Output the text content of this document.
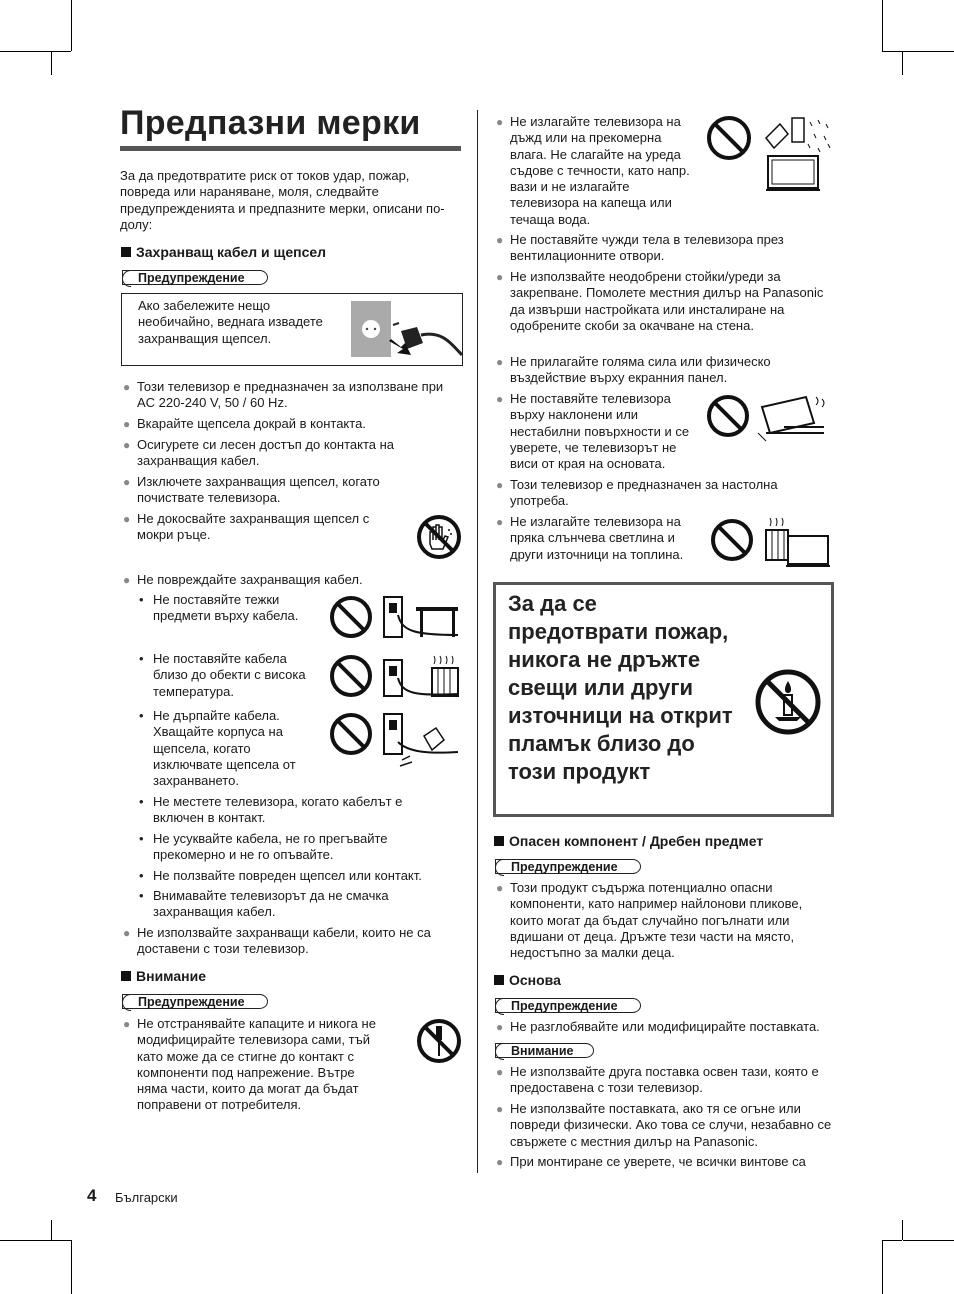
Предпазни мерки

За да предотвратите риск от токов удар, пожар, повреда или нараняване, моля, следвайте предупрежденията и предпазните мерки, описани по-долу:

Захранващ кабел и щепсел
Предупреждение

Ако забележите нещо необичайно, веднага извадете захранващия щепсел.

● Този телевизор е предназначен за използване при AC 220-240 V, 50 / 60 Hz.
● Вкарайте щепсела докрай в контакта.
● Осигурете си лесен достъп до контакта на захранващия кабел.
● Изключете захранващия щепсел, когато почиствате телевизора.
● Не докосвайте захранващия щепсел с мокри ръце.
● Не повреждайте захранващия кабел.
• Не поставяйте тежки предмети върху кабела.
• Не поставяйте кабела близо до обекти с висока температура.
• Не дърпайте кабела. Хващайте корпуса на щепсела, когато изключвате щепсела от захранването.
• Не местете телевизора, когато кабелът е включен в контакт.
• Не усуквайте кабела, не го прегъвайте прекомерно и не го опъвайте.
• Не ползвайте повреден щепсел или контакт.
• Внимавайте телевизорът да не смачка захранващия кабел.
● Не използвайте захранващи кабели, които не са доставени с този телевизор.
Внимание
Предупреждение
● Не отстранявайте капаците и никога не модифицирайте телевизора сами, тъй като може да се стигне до контакт с компоненти под напрежение. Вътре няма части, които да могат да бъдат поправени от потребителя.
4 Български
● Не излагайте телевизора на дъжд или на прекомерна влага. Не слагайте на уреда съдове с течности, като напр. вази и не излагайте телевизора на капеща или течаща вода.
● Не поставяйте чужди тела в телевизора през вентилационните отвори.
● Не използвайте неодобрени стойки/уреди за закрепване. Помолете местния дилър на Panasonic да извърши настройката или инсталиране на одобрените скоби за окачване на стена.
● Не прилагайте голяма сила или физическо въздействие върху екранния панел.
● Не поставяйте телевизора върху наклонени или нестабилни повърхности и се уверете, че телевизорът не виси от края на основата.
● Този телевизор е предназначен за настолна употреба.
● Не излагайте телевизора на пряка слънчева светлина и други източници на топлина.
За да се предотврати пожар, никога не дръжте свещи или други източници на открит пламък близо до този продукт
Опасен компонент / Дребен предмет
Предупреждение
● Този продукт съдържа потенциално опасни компоненти, като например найлонови пликове, които могат да бъдат случайно погълнати или вдишани от деца. Дръжте тези части на място, недостъпно за малки деца.
Основа
Предупреждение
● Не разглобявайте или модифицирайте поставката.
Внимание
● Не използвайте друга поставка освен тази, която е предоставена с този телевизор.
● Не използвайте поставката, ако тя се огъне или повреди физически. Ако това се случи, незабавно се свържете с местния дилър на Panasonic.
● При монтиране се уверете, че всички винтове са
